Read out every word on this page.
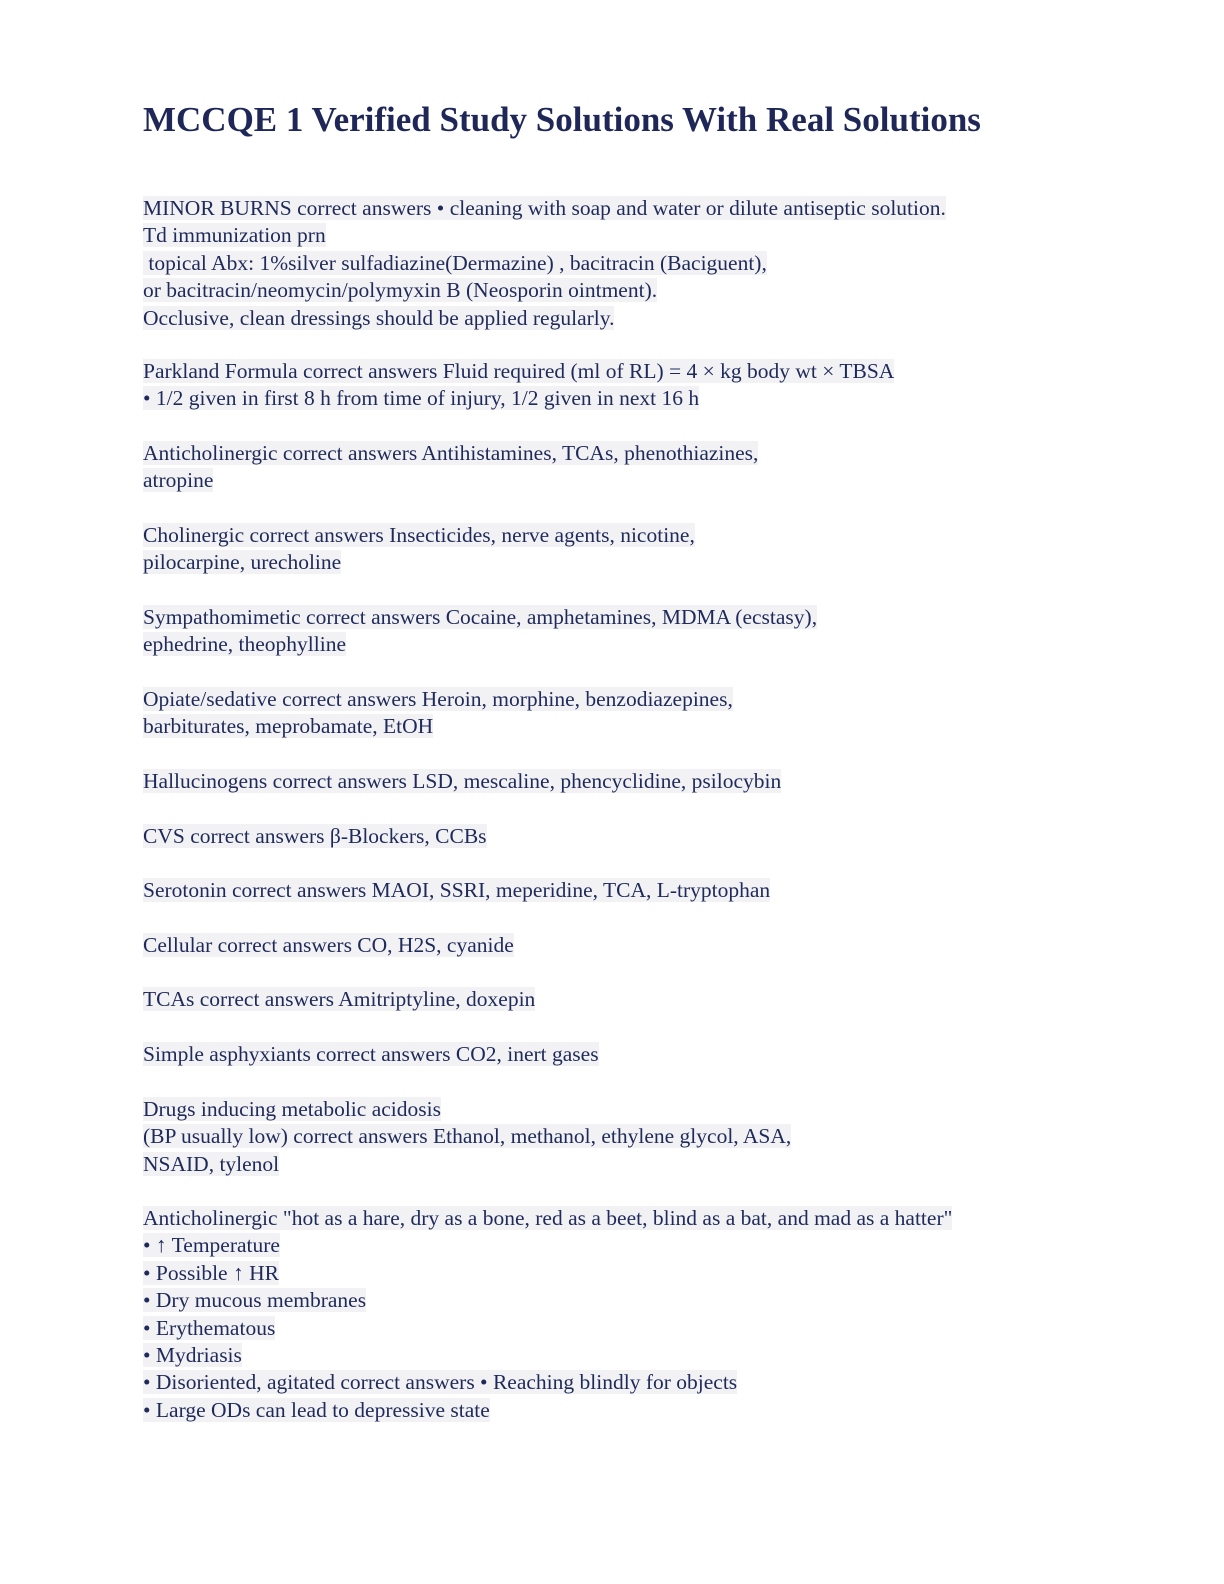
MCCQE 1 Verified Study Solutions With Real Solutions
MINOR BURNS correct answers • cleaning with soap and water or dilute antiseptic solution.
Td immunization prn
topical Abx: 1%silver sulfadiazine(Dermazine) , bacitracin (Baciguent),
or bacitracin/neomycin/polymyxin B (Neosporin ointment).
Occlusive, clean dressings should be applied regularly.
Parkland Formula correct answers Fluid required (ml of RL) = 4 × kg body wt × TBSA
• 1/2 given in first 8 h from time of injury, 1/2 given in next 16 h
Anticholinergic correct answers Antihistamines, TCAs, phenothiazines,
atropine
Cholinergic correct answers Insecticides, nerve agents, nicotine,
pilocarpine, urecholine
Sympathomimetic correct answers Cocaine, amphetamines, MDMA (ecstasy),
ephedrine, theophylline
Opiate/sedative correct answers Heroin, morphine, benzodiazepines,
barbiturates, meprobamate, EtOH
Hallucinogens correct answers LSD, mescaline, phencyclidine, psilocybin
CVS correct answers β-Blockers, CCBs
Serotonin correct answers MAOI, SSRI, meperidine, TCA, L-tryptophan
Cellular correct answers CO, H2S, cyanide
TCAs correct answers Amitriptyline, doxepin
Simple asphyxiants correct answers CO2, inert gases
Drugs inducing metabolic acidosis
(BP usually low) correct answers Ethanol, methanol, ethylene glycol, ASA,
NSAID, tylenol
Anticholinergic "hot as a hare, dry as a bone, red as a beet, blind as a bat, and mad as a hatter"
• ↑ Temperature
• Possible ↑ HR
• Dry mucous membranes
• Erythematous
• Mydriasis
• Disoriented, agitated correct answers • Reaching blindly for objects
• Large ODs can lead to depressive state
